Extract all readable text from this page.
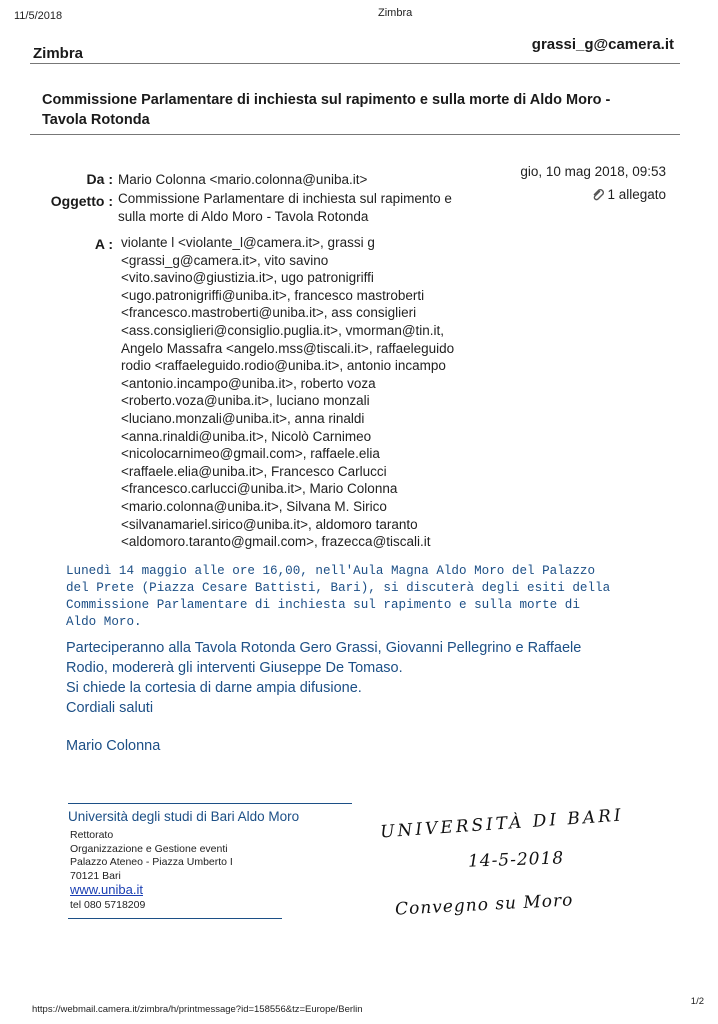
11/5/2018	Zimbra
Zimbra
grassi_g@camera.it
Commissione Parlamentare di inchiesta sul rapimento e sulla morte di Aldo Moro -
Tavola Rotonda
Da : Mario Colonna <mario.colonna@uniba.it>
gio, 10 mag 2018, 09:53
Oggetto : Commissione Parlamentare di inchiesta sul rapimento e
sulla morte di Aldo Moro - Tavola Rotonda
1 allegato
A : violante l <violante_l@camera.it>, grassi g
<grassi_g@camera.it>, vito savino
<vito.savino@giustizia.it>, ugo patronigriffi
<ugo.patronigriffi@uniba.it>, francesco mastroberti
<francesco.mastroberti@uniba.it>, ass consiglieri
<ass.consiglieri@consiglio.puglia.it>, vmorman@tin.it,
Angelo Massafra <angelo.mss@tiscali.it>, raffaeleguido
rodio <raffaeleguido.rodio@uniba.it>, antonio incampo
<antonio.incampo@uniba.it>, roberto voza
<roberto.voza@uniba.it>, luciano monzali
<luciano.monzali@uniba.it>, anna rinaldi
<anna.rinaldi@uniba.it>, Nicolò Carnimeo
<nicolocarnimeo@gmail.com>, raffaele.elia
<raffaele.elia@uniba.it>, Francesco Carlucci
<francesco.carlucci@uniba.it>, Mario Colonna
<mario.colonna@uniba.it>, Silvana M. Sirico
<silvanamariel.sirico@uniba.it>, aldomoro taranto
<aldomoro.taranto@gmail.com>, frazecca@tiscali.it
Lunedì 14 maggio alle ore 16,00, nell'Aula Magna Aldo Moro del Palazzo
del Prete (Piazza Cesare Battisti, Bari), si discuterà degli esiti della
Commissione Parlamentare di inchiesta sul rapimento e sulla morte di
Aldo Moro.
Parteciperanno alla Tavola Rotonda Gero Grassi, Giovanni Pellegrino e Raffaele
Rodio, modererà gli interventi Giuseppe De Tomaso.
Si chiede la cortesia di darne ampia difusione.
Cordiali saluti
Mario Colonna
Università degli studi di Bari Aldo Moro
Rettorato
Organizzazione e Gestione eventi
Palazzo Ateneo - Piazza Umberto I
70121 Bari
www.uniba.it
tel 080 5718209
UNIVERSITÀ DI BARI
14-5-2018
Convegno su Moro
https://webmail.camera.it/zimbra/h/printmessage?id=158556&tz=Europe/Berlin
1/2
